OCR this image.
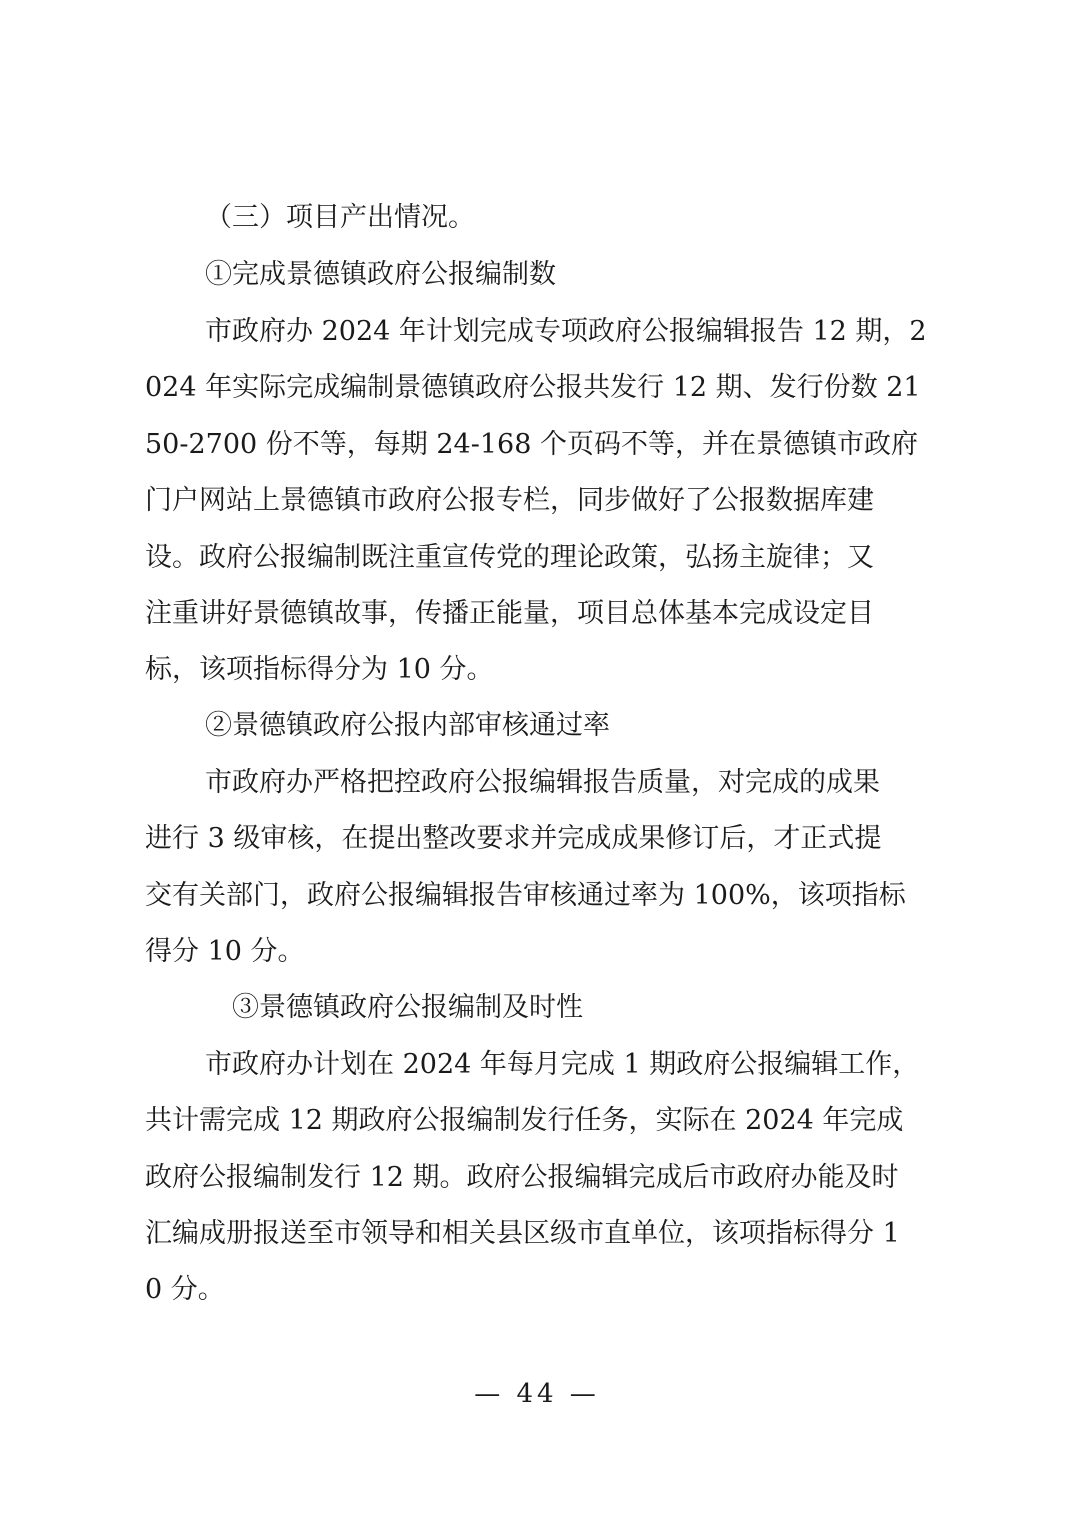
（三）项目产出情况。
①完成景德镇政府公报编制数
市政府办 2024 年计划完成专项政府公报编辑报告 12 期，2
024 年实际完成编制景德镇政府公报共发行 12 期、发行份数 21
50-2700 份不等，每期 24-168 个页码不等，并在景德镇市政府
门户网站上景德镇市政府公报专栏，同步做好了公报数据库建
设。政府公报编制既注重宣传党的理论政策，弘扬主旋律；又
注重讲好景德镇故事，传播正能量，项目总体基本完成设定目
标，该项指标得分为 10 分。
②景德镇政府公报内部审核通过率
市政府办严格把控政府公报编辑报告质量，对完成的成果
进行 3 级审核，在提出整改要求并完成成果修订后，才正式提
交有关部门，政府公报编辑报告审核通过率为 100%，该项指标
得分 10 分。
③景德镇政府公报编制及时性
市政府办计划在 2024 年每月完成 1 期政府公报编辑工作，
共计需完成 12 期政府公报编制发行任务，实际在 2024 年完成
政府公报编制发行 12 期。政府公报编辑完成后市政府办能及时
汇编成册报送至市领导和相关县区级市直单位，该项指标得分 1
0 分。
— 44 —
